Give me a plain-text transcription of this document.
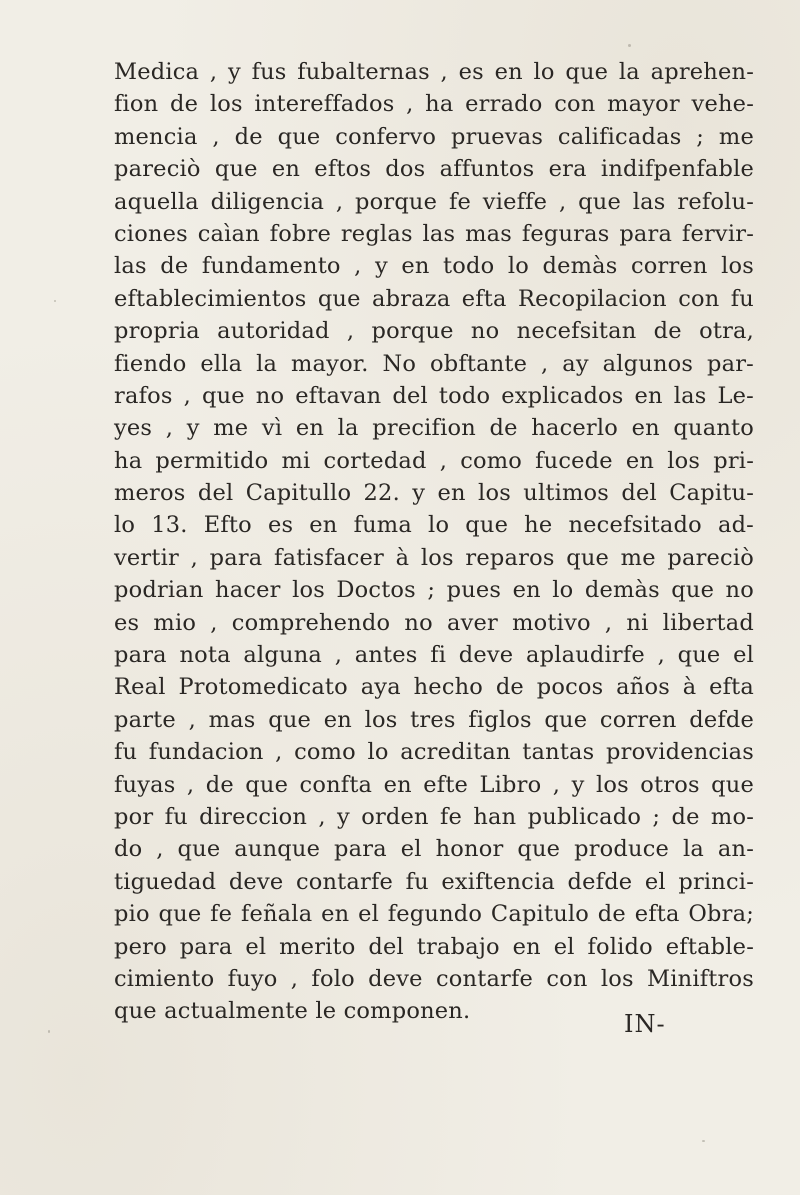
Medica , y fus fubalternas , es en lo que la aprehen-
fion de los intereffados , ha errado con mayor vehe-
mencia , de que confervo pruevas calificadas ; me
pareciò que en eftos dos affuntos era indifpenfable
aquella diligencia , porque fe vieffe , que las refolu-
ciones caìan fobre reglas las mas feguras para fervir-
las de fundamento , y en todo lo demàs corren los
eftablecimientos que abraza efta Recopilacion con fu
propria autoridad , porque no necefsitan de otra,
fiendo ella la mayor. No obftante , ay algunos par-
rafos , que no eftavan del todo explicados en las Le-
yes , y me vì en la precifion de hacerlo en quanto
ha permitido mi cortedad , como fucede en los pri-
meros del Capitullo 22. y en los ultimos del Capitu-
lo 13. Efto es en fuma lo que he necefsitado ad-
vertir , para fatisfacer à los reparos que me pareciò
podrian hacer los Doctos ; pues en lo demàs que no
es mio , comprehendo no aver motivo , ni libertad
para nota alguna , antes fi deve aplaudirfe , que el
Real Protomedicato aya hecho de pocos años à efta
parte , mas que en los tres figlos que corren defde
fu fundacion , como lo acreditan tantas providencias
fuyas , de que confta en efte Libro , y los otros que
por fu direccion , y orden fe han publicado ; de mo-
do , que aunque para el honor que produce la an-
tiguedad deve contarfe fu exiftencia defde el princi-
pio que fe feñala en el fegundo Capitulo de efta Obra;
pero para el merito del trabajo en el folido eftable-
cimiento fuyo , folo deve contarfe con los Miniftros
que actualmente le componen.	IN-
